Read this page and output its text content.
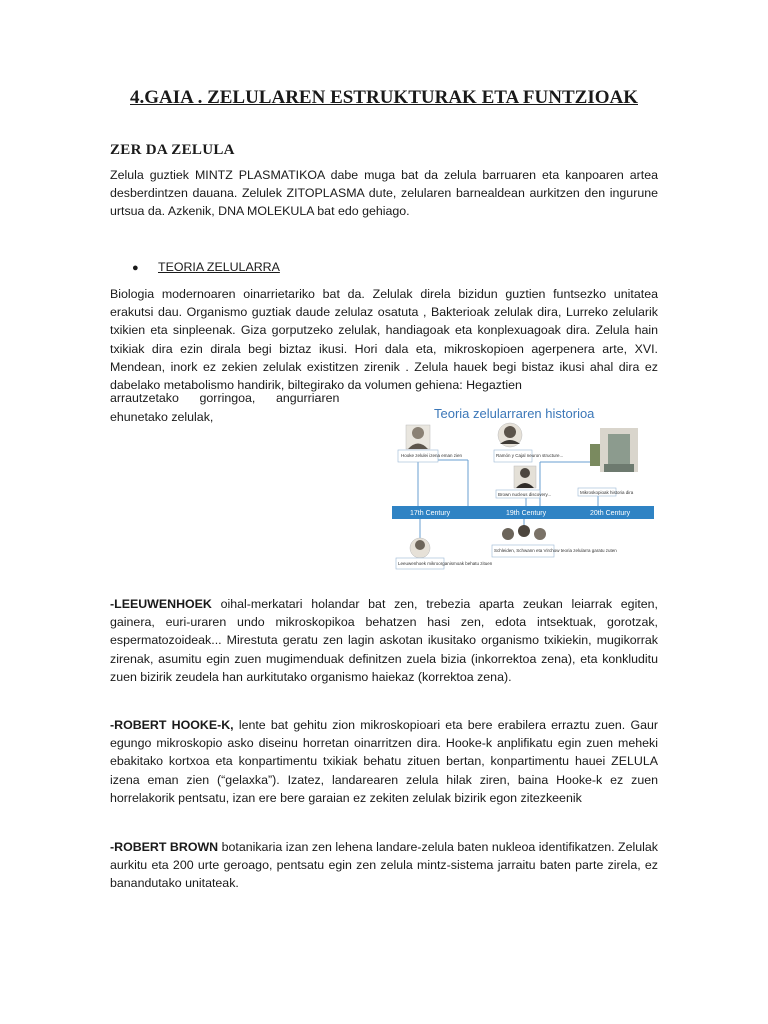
4.GAIA . ZELULAREN ESTRUKTURAK ETA FUNTZIOAK
ZER DA ZELULA

Zelula guztiek MINTZ PLASMATIKOA dabe muga bat da zelula barruaren eta kanpoaren artea desberdintzen dauana. Zelulek ZITOPLASMA dute, zelularen barnealdean aurkitzen den ingurune urtsua da. Azkenik, DNA MOLEKULA bat edo gehiago.

● TEORIA ZELULARRA

Biologia modernoaren oinarrietariko bat da. Zelulak direla bizidun guztien funtsezko unitatea erakutsi dau. Organismo guztiak daude zelulaz osatuta , Bakterioak zelulak dira, Lurreko zelularik txikien eta sinpleenak. Giza gorputzeko zelulak, handiagoak eta konplexuagoak dira. Zelula hain txikiak dira ezin dirala begi biztaz ikusi. Hori dala eta, mikroskopioen agerpenera arte, XVI. Mendean, inork ez zekien zelulak existitzen zirenik . Zelula hauek begi bistaz ikusi ahal dira ez dabelako metabolismo handirik, biltegirako da volumen gehiena: Hegaztien

arrautzetako      gorringoa,      angurriaren

ehunetako zelulak,	Teoria zelularraren historioa
17th Century	19th Century	20th Century
Hooke zelulei izena eman zien	Ramón y Cajal neuron structure...
Brown nucleus discovery...	Mikroskopioak historia dira
Leeuwenhoek mikroorganismoak behatu zituen
Schleiden, Schwann eta Virchow teoria zelularra garatu zuten

-LEEUWENHOEK oihal-merkatari holandar bat zen, trebezia aparta zeukan leiarrak egiten, gainera, euri-uraren undo mikroskopikoa behatzen hasi zen, edota intsektuak, gorotzak, espermatozoideak... Mirestuta geratu zen lagin askotan ikusitako organismo txikiekin, mugikorrak zirenak, asumitu egin zuen mugimenduak definitzen zuela bizia (inkorrektoa zena), eta konkluditu zuen bizirik zeudela han aurkitutako organismo haiekaz (korrektoa zena).

-ROBERT HOOKE-K, lente bat gehitu zion mikroskopioari eta bere erabilera erraztu zuen. Gaur egungo mikroskopio asko diseinu horretan oinarritzen dira. Hooke-k anplifikatu egin zuen meheki ebakitako kortxoa eta konpartimentu txikiak behatu zituen bertan, konpartimentu hauei ZELULA izena eman zien (“gelaxka”). Izatez, landarearen zelula hilak ziren, baina Hooke-k ez zuen horrelakorik pentsatu, izan ere bere garaian ez zekiten zelulak bizirik egon zitezkeenik

-ROBERT BROWN botanikaria izan zen lehena landare-zelula baten nukleoa identifikatzen. Zelulak aurkitu eta 200 urte geroago, pentsatu egin zen zelula mintz-sistema jarraitu baten parte zirela, ez banandutako unitateak.
